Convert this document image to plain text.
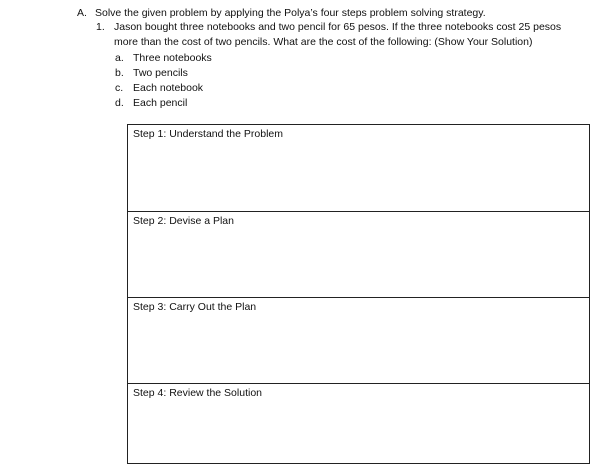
A. Solve the given problem by applying the Polya’s four steps problem solving strategy.
1. Jason bought three notebooks and two pencil for 65 pesos. If the three notebooks cost 25 pesos
more than the cost of two pencils. What are the cost of the following: (Show Your Solution)
a. Three notebooks
b. Two pencils
c. Each notebook
d. Each pencil
Step 1: Understand the Problem
Step 2: Devise a Plan
Step 3: Carry Out the Plan
Step 4: Review the Solution
